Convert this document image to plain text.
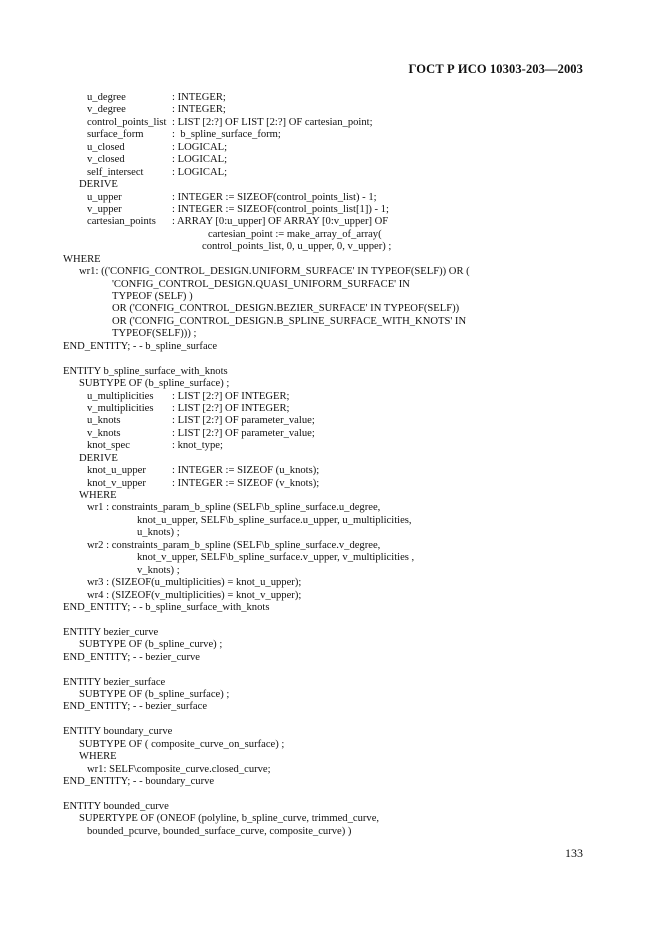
ГОСТ Р ИСО 10303-203—2003
u_degree	: INTEGER;
v_degree	: INTEGER;
control_points_list : LIST [2:?] OF LIST [2:?] OF cartesian_point;
surface_form	:  b_spline_surface_form;
u_closed	: LOGICAL;
v_closed	: LOGICAL;
self_intersect	: LOGICAL;
DERIVE
u_upper	: INTEGER := SIZEOF(control_points_list) - 1;
v_upper	: INTEGER := SIZEOF(control_points_list[1]) - 1;
cartesian_points : ARRAY [0:u_upper] OF ARRAY [0:v_upper] OF
cartesian_point := make_array_of_array(
control_points_list, 0, u_upper, 0, v_upper) ;
WHERE
wr1: (('CONFIG_CONTROL_DESIGN.UNIFORM_SURFACE' IN TYPEOF(SELF)) OR (
'CONFIG_CONTROL_DESIGN.QUASI_UNIFORM_SURFACE' IN
TYPEOF (SELF) )
OR ('CONFIG_CONTROL_DESIGN.BEZIER_SURFACE' IN TYPEOF(SELF))
OR ('CONFIG_CONTROL_DESIGN.B_SPLINE_SURFACE_WITH_KNOTS' IN
TYPEOF(SELF))) ;
END_ENTITY; - - b_spline_surface
ENTITY b_spline_surface_with_knots
SUBTYPE OF (b_spline_surface) ;
u_multiplicities : LIST [2:?] OF INTEGER;
v_multiplicities : LIST [2:?] OF INTEGER;
u_knots	: LIST [2:?] OF parameter_value;
v_knots	: LIST [2:?] OF parameter_value;
knot_spec	: knot_type;
DERIVE
knot_u_upper : INTEGER := SIZEOF (u_knots);
knot_v_upper : INTEGER := SIZEOF (v_knots);
WHERE
wr1 : constraints_param_b_spline (SELF\b_spline_surface.u_degree,
knot_u_upper, SELF\b_spline_surface.u_upper, u_multiplicities,
u_knots) ;
wr2 : constraints_param_b_spline (SELF\b_spline_surface.v_degree,
knot_v_upper, SELF\b_spline_surface.v_upper, v_multiplicities ,
v_knots) ;
wr3 : (SIZEOF(u_multiplicities) = knot_u_upper);
wr4 : (SIZEOF(v_multiplicities) = knot_v_upper);
END_ENTITY; - - b_spline_surface_with_knots
ENTITY bezier_curve
SUBTYPE OF (b_spline_curve) ;
END_ENTITY; - - bezier_curve
ENTITY bezier_surface
SUBTYPE OF (b_spline_surface) ;
END_ENTITY; - - bezier_surface
ENTITY boundary_curve
SUBTYPE OF ( composite_curve_on_surface) ;
WHERE
wr1: SELF\composite_curve.closed_curve;
END_ENTITY; - - boundary_curve
ENTITY bounded_curve
SUPERTYPE OF (ONEOF (polyline, b_spline_curve, trimmed_curve,
bounded_pcurve, bounded_surface_curve, composite_curve) )
133
